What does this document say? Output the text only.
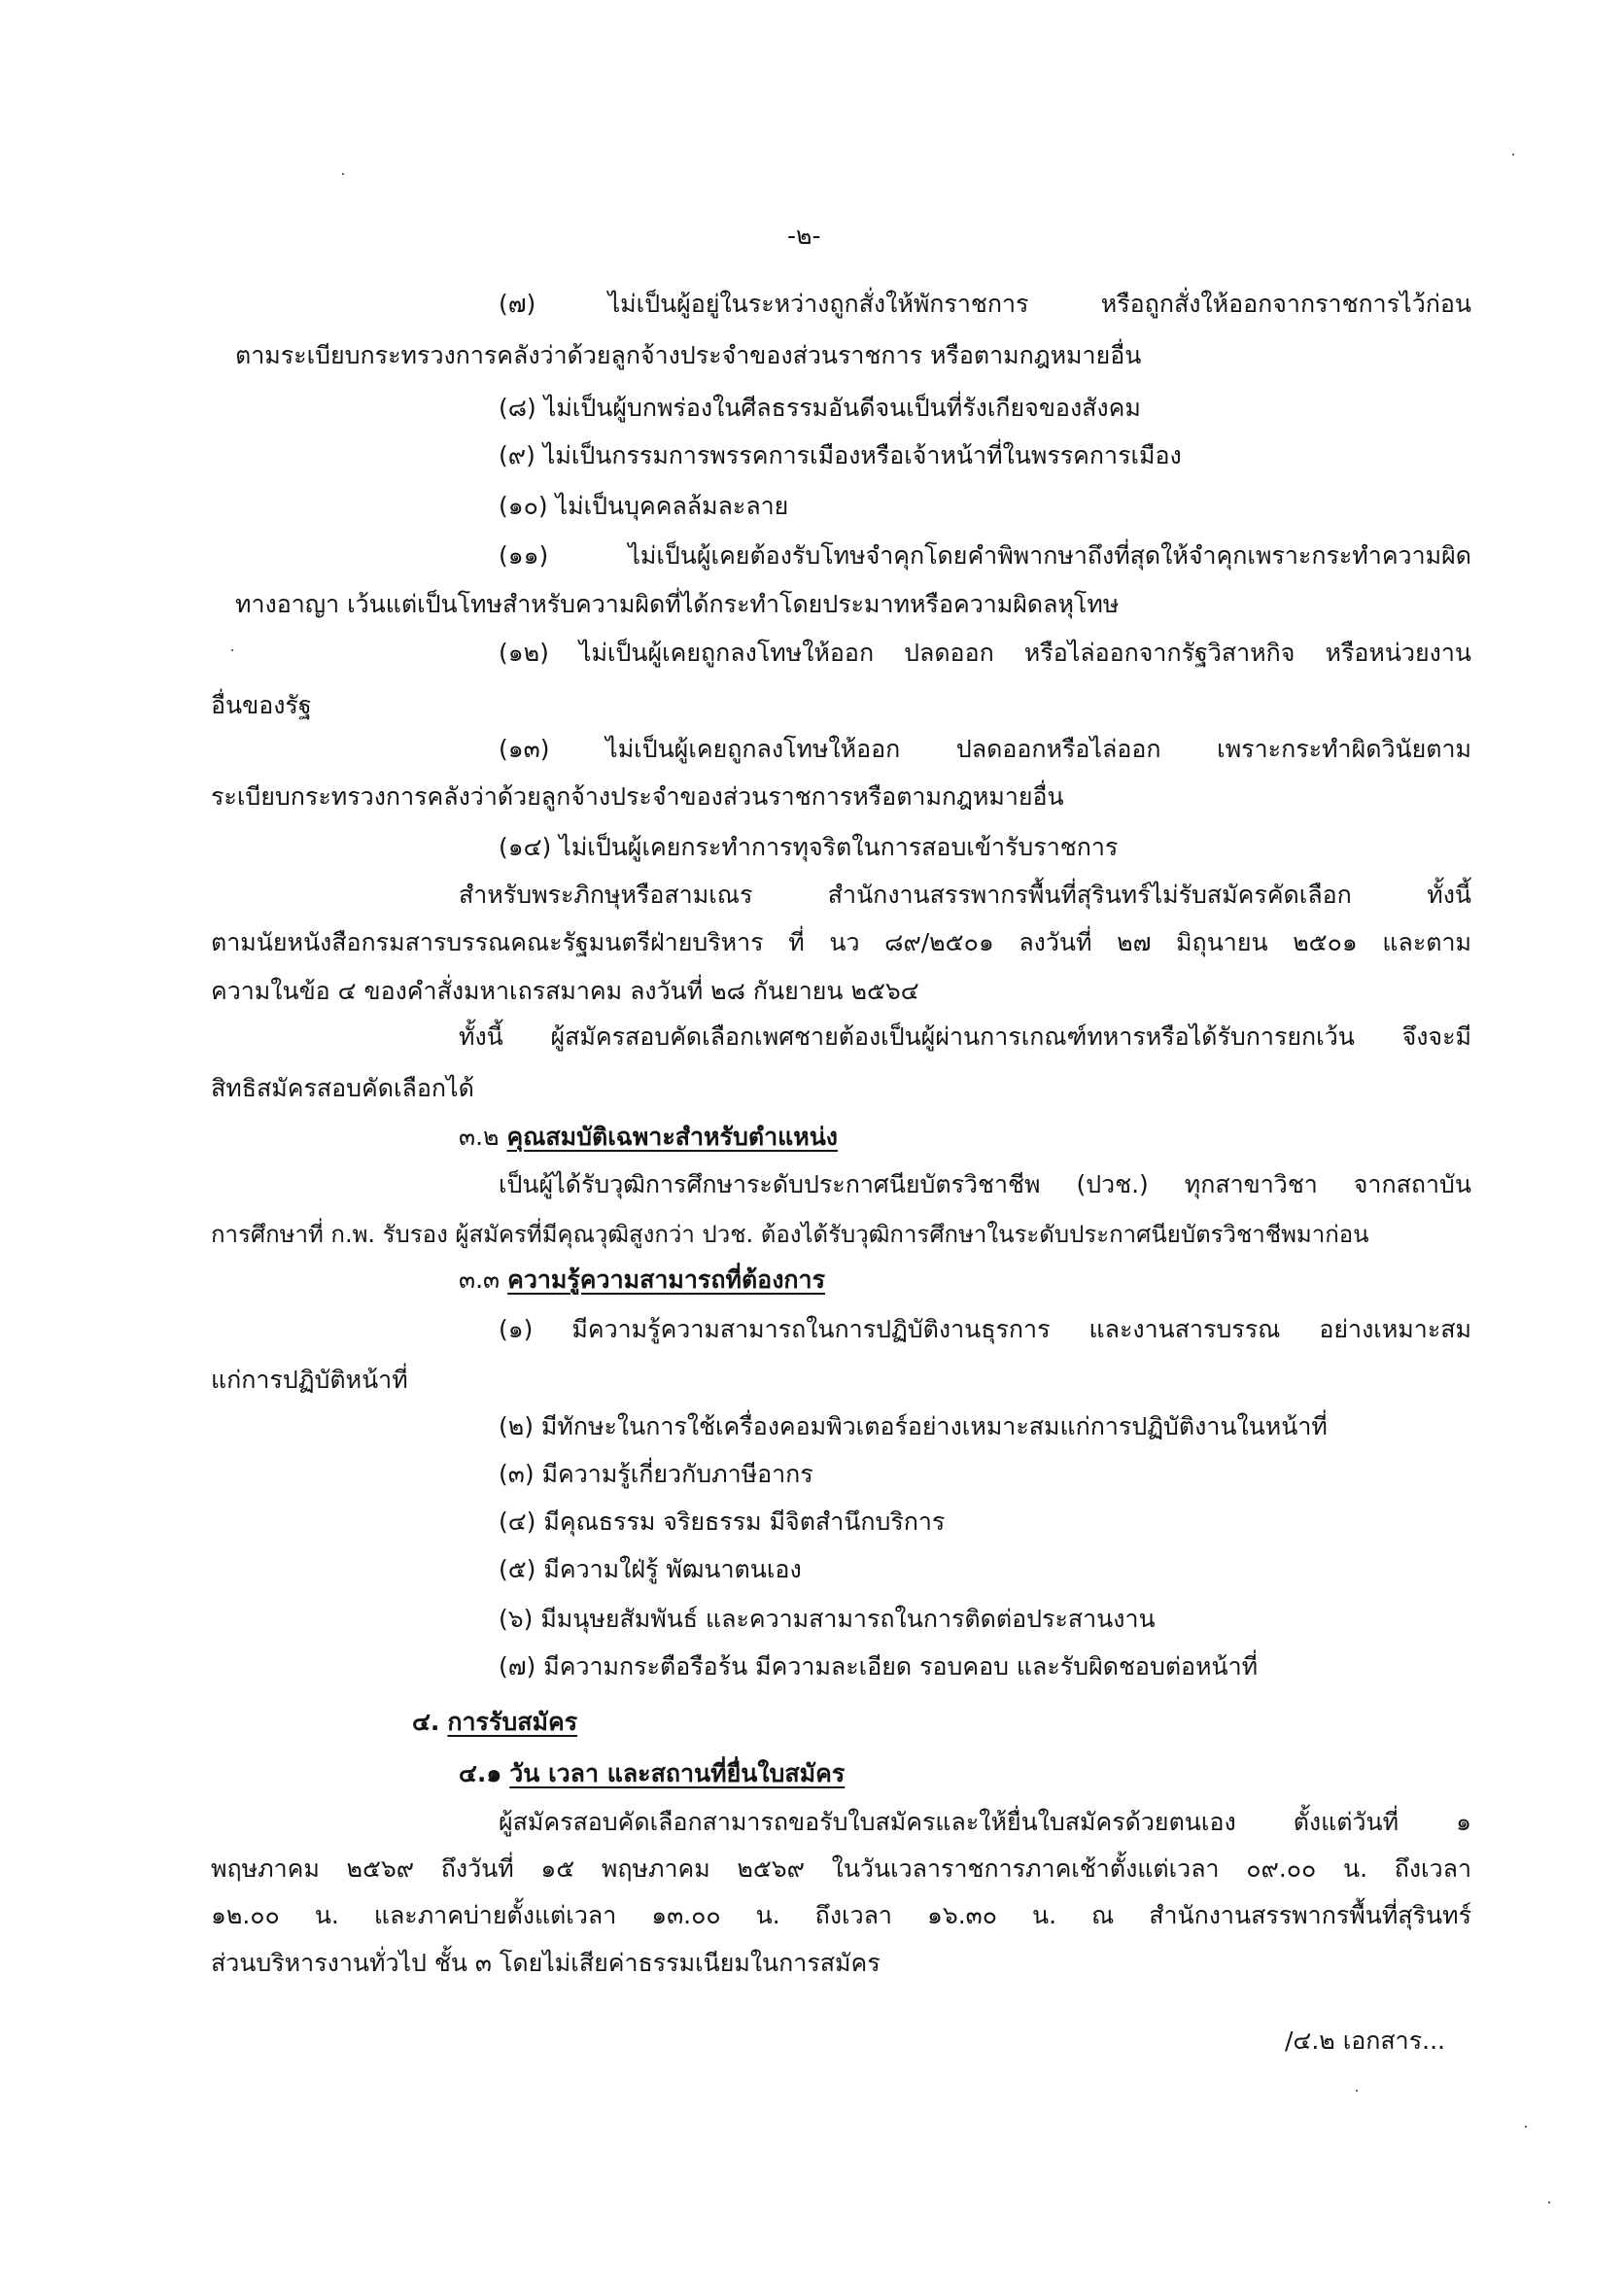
-๒-
(๗) ไม่เป็นผู้อยู่ในระหว่างถูกสั่งให้พักราชการ หรือถูกสั่งให้ออกจากราชการไว้ก่อน
ตามระเบียบกระทรวงการคลังว่าด้วยลูกจ้างประจำของส่วนราชการ หรือตามกฎหมายอื่น
(๘) ไม่เป็นผู้บกพร่องในศีลธรรมอันดีจนเป็นที่รังเกียจของสังคม
(๙) ไม่เป็นกรรมการพรรคการเมืองหรือเจ้าหน้าที่ในพรรคการเมือง
(๑๐) ไม่เป็นบุคคลล้มละลาย
(๑๑) ไม่เป็นผู้เคยต้องรับโทษจำคุกโดยคำพิพากษาถึงที่สุดให้จำคุกเพราะกระทำความผิด
ทางอาญา เว้นแต่เป็นโทษสำหรับความผิดที่ได้กระทำโดยประมาทหรือความผิดลหุโทษ
(๑๒) ไม่เป็นผู้เคยถูกลงโทษให้ออก ปลดออก หรือไล่ออกจากรัฐวิสาหกิจ หรือหน่วยงาน
อื่นของรัฐ
(๑๓) ไม่เป็นผู้เคยถูกลงโทษให้ออก ปลดออกหรือไล่ออก เพราะกระทำผิดวินัยตาม
ระเบียบกระทรวงการคลังว่าด้วยลูกจ้างประจำของส่วนราชการหรือตามกฎหมายอื่น
(๑๔) ไม่เป็นผู้เคยกระทำการทุจริตในการสอบเข้ารับราชการ
สำหรับพระภิกษุหรือสามเณร สำนักงานสรรพากรพื้นที่สุรินทร์ไม่รับสมัครคัดเลือก ทั้งนี้
ตามนัยหนังสือกรมสารบรรณคณะรัฐมนตรีฝ่ายบริหาร ที่ นว ๘๙/๒๕๐๑ ลงวันที่ ๒๗ มิถุนายน ๒๕๐๑ และตาม
ความในข้อ ๔ ของคำสั่งมหาเถรสมาคม ลงวันที่ ๒๘ กันยายน ๒๕๖๔
ทั้งนี้ ผู้สมัครสอบคัดเลือกเพศชายต้องเป็นผู้ผ่านการเกณฑ์ทหารหรือได้รับการยกเว้น จึงจะมี
สิทธิสมัครสอบคัดเลือกได้
๓.๒ คุณสมบัติเฉพาะสำหรับตำแหน่ง
เป็นผู้ได้รับวุฒิการศึกษาระดับประกาศนียบัตรวิชาชีพ (ปวช.) ทุกสาขาวิชา จากสถาบัน
การศึกษาที่ ก.พ. รับรอง ผู้สมัครที่มีคุณวุฒิสูงกว่า ปวช. ต้องได้รับวุฒิการศึกษาในระดับประกาศนียบัตรวิชาชีพมาก่อน
๓.๓ ความรู้ความสามารถที่ต้องการ
(๑) มีความรู้ความสามารถในการปฏิบัติงานธุรการ และงานสารบรรณ อย่างเหมาะสม
แก่การปฏิบัติหน้าที่
(๒) มีทักษะในการใช้เครื่องคอมพิวเตอร์อย่างเหมาะสมแก่การปฏิบัติงานในหน้าที่
(๓) มีความรู้เกี่ยวกับภาษีอากร
(๔) มีคุณธรรม จริยธรรม มีจิตสำนึกบริการ
(๕) มีความใฝ่รู้ พัฒนาตนเอง
(๖) มีมนุษยสัมพันธ์ และความสามารถในการติดต่อประสานงาน
(๗) มีความกระตือรือร้น มีความละเอียด รอบคอบ และรับผิดชอบต่อหน้าที่
๔. การรับสมัคร
๔.๑ วัน เวลา และสถานที่ยื่นใบสมัคร
ผู้สมัครสอบคัดเลือกสามารถขอรับใบสมัครและให้ยื่นใบสมัครด้วยตนเอง ตั้งแต่วันที่ ๑
พฤษภาคม ๒๕๖๙ ถึงวันที่ ๑๕ พฤษภาคม ๒๕๖๙ ในวันเวลาราชการภาคเช้าตั้งแต่เวลา ๐๙.๐๐ น. ถึงเวลา
๑๒.๐๐ น. และภาคบ่ายตั้งแต่เวลา ๑๓.๐๐ น. ถึงเวลา ๑๖.๓๐ น. ณ สำนักงานสรรพากรพื้นที่สุรินทร์
ส่วนบริหารงานทั่วไป ชั้น ๓ โดยไม่เสียค่าธรรมเนียมในการสมัคร
/๔.๒ เอกสาร...
